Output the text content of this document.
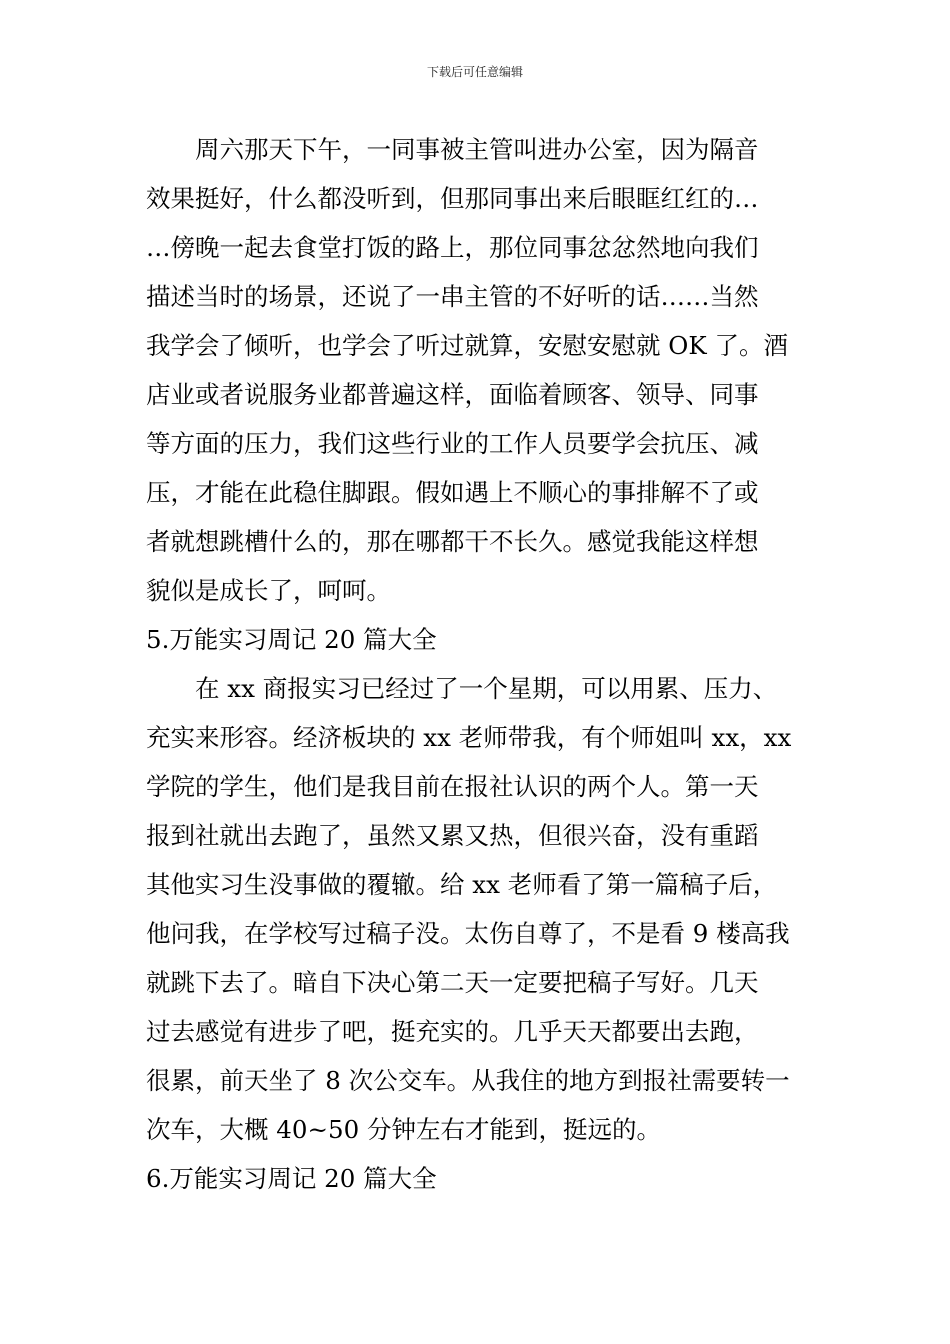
下载后可任意编辑
　　周六那天下午，一同事被主管叫进办公室，因为隔音
效果挺好，什么都没听到，但那同事出来后眼眶红红的…
…傍晚一起去食堂打饭的路上，那位同事忿忿然地向我们
描述当时的场景，还说了一串主管的不好听的话……当然
我学会了倾听，也学会了听过就算，安慰安慰就 OK 了。酒
店业或者说服务业都普遍这样，面临着顾客、领导、同事
等方面的压力，我们这些行业的工作人员要学会抗压、减
压，才能在此稳住脚跟。假如遇上不顺心的事排解不了或
者就想跳槽什么的，那在哪都干不长久。感觉我能这样想
貌似是成长了，呵呵。
5.万能实习周记 20 篇大全
　　在 xx 商报实习已经过了一个星期，可以用累、压力、
充实来形容。经济板块的 xx 老师带我，有个师姐叫 xx，xx
学院的学生，他们是我目前在报社认识的两个人。第一天
报到社就出去跑了，虽然又累又热，但很兴奋，没有重蹈
其他实习生没事做的覆辙。给 xx 老师看了第一篇稿子后，
他问我，在学校写过稿子没。太伤自尊了，不是看 9 楼高我
就跳下去了。暗自下决心第二天一定要把稿子写好。几天
过去感觉有进步了吧，挺充实的。几乎天天都要出去跑，
很累，前天坐了 8 次公交车。从我住的地方到报社需要转一
次车，大概 40~50 分钟左右才能到，挺远的。
6.万能实习周记 20 篇大全
